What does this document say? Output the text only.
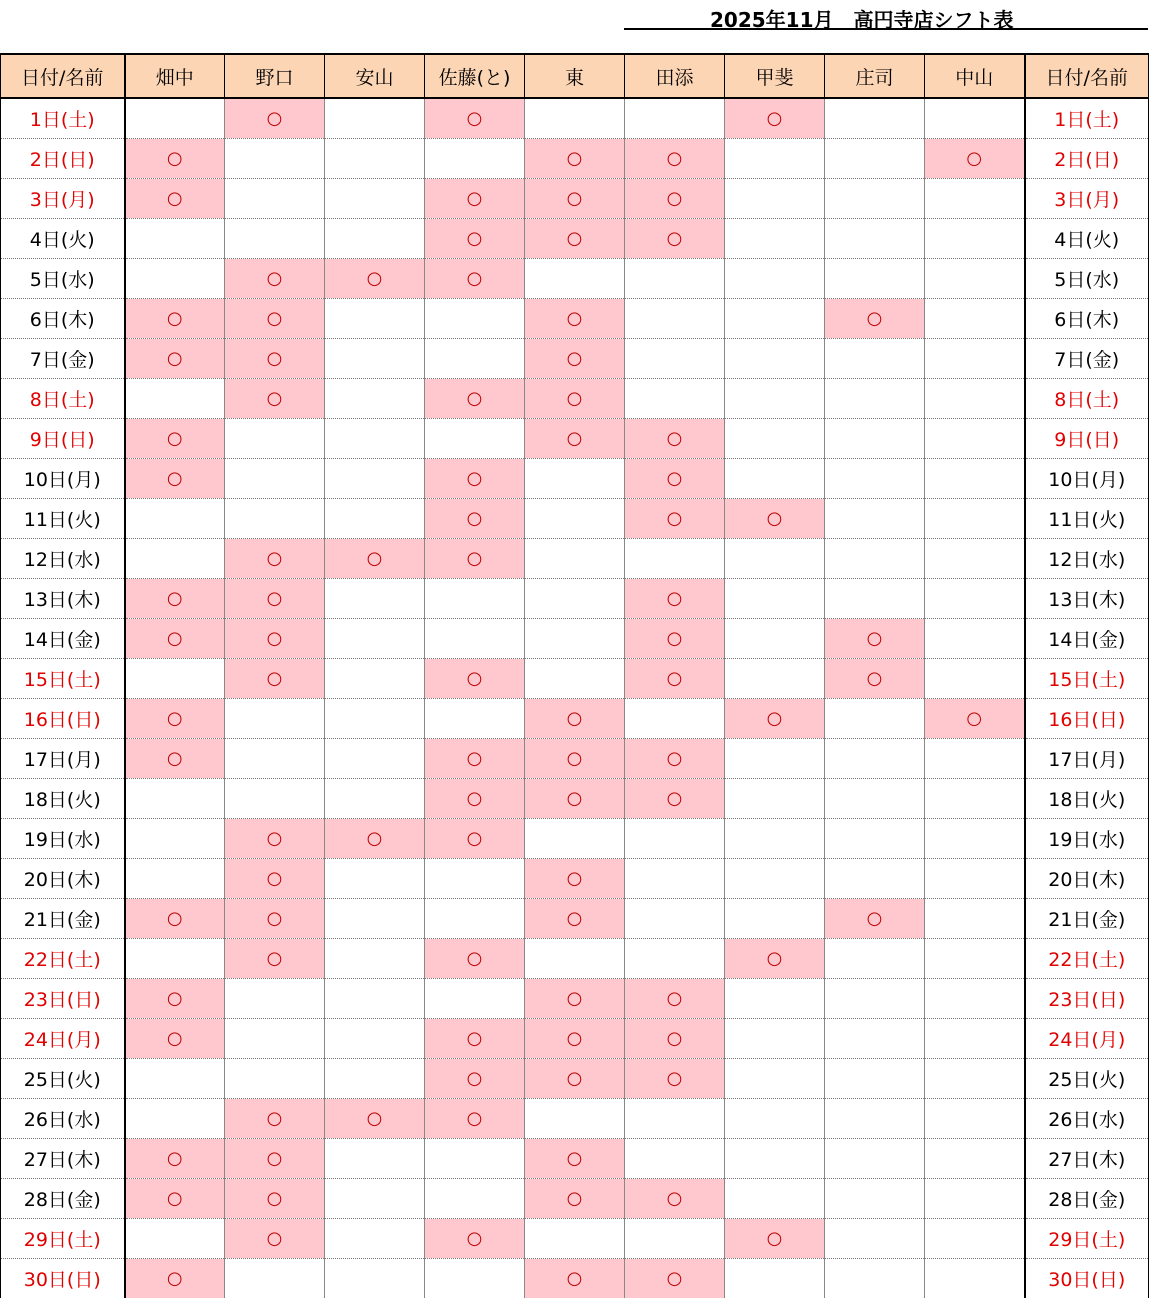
2025年11月　高円寺店シフト表
日付/名前	畑中	野口	安山	佐藤(と)	東	田添	甲斐	庄司	中山	日付/名前
1日(土)		○		○			○			1日(土)
2日(日)	○				○	○			○	2日(日)
3日(月)	○			○	○	○				3日(月)
4日(火)				○	○	○				4日(火)
5日(水)		○	○	○						5日(水)
6日(木)	○	○			○			○		6日(木)
7日(金)	○	○			○					7日(金)
8日(土)		○		○	○					8日(土)
9日(日)	○				○	○				9日(日)
10日(月)	○			○		○				10日(月)
11日(火)				○		○	○			11日(火)
12日(水)		○	○	○						12日(水)
13日(木)	○	○				○				13日(木)
14日(金)	○	○				○		○		14日(金)
15日(土)		○		○		○		○		15日(土)
16日(日)	○				○		○		○	16日(日)
17日(月)	○			○	○	○				17日(月)
18日(火)				○	○	○				18日(火)
19日(水)		○	○	○						19日(水)
20日(木)		○			○					20日(木)
21日(金)	○	○			○			○		21日(金)
22日(土)		○		○			○			22日(土)
23日(日)	○				○	○				23日(日)
24日(月)	○			○	○	○				24日(月)
25日(火)				○	○	○				25日(火)
26日(水)		○	○	○						26日(水)
27日(木)	○	○			○					27日(木)
28日(金)	○	○			○	○				28日(金)
29日(土)		○		○			○			29日(土)
30日(日)	○				○	○				30日(日)
